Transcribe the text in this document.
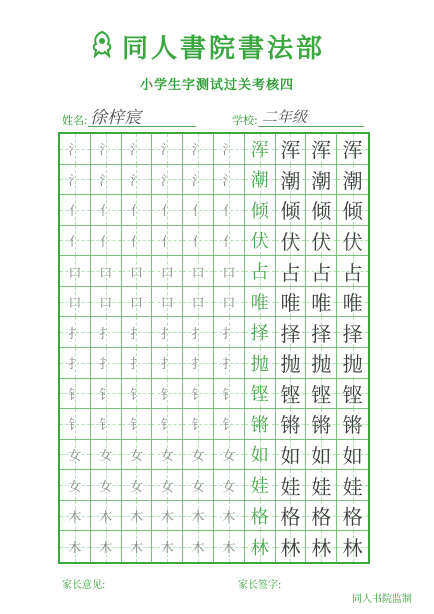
同人書院書法部
小学生字测试过关考核四
姓名: 徐梓宸	学校: 二年级
氵 氵 氵 氵 氵 氵 浑 浑 浑 浑
氵 氵 氵 氵 氵 氵 潮 潮 潮 潮
亻 亻 亻 亻 亻 亻 倾 倾 倾 倾
亻 亻 亻 亻 亻 亻 伏 伏 伏 伏
口 口 口 口 口 口 占 占 占 占
口 口 口 口 口 口 唯 唯 唯 唯
扌 扌 扌 扌 扌 扌 择 择 择 择
扌 扌 扌 扌 扌 扌 抛 抛 抛 抛
钅 钅 钅 钅 钅 钅 铿 铿 铿 铿
钅 钅 钅 钅 钅 钅 锵 锵 锵 锵
女 女 女 女 女 女 如 如 如 如
女 女 女 女 女 女 娃 娃 娃 娃
木 木 木 木 木 木 格 格 格 格
木 木 木 木 木 木 林 林 林 林
家长意见:	家长签字:
同人书院监制
